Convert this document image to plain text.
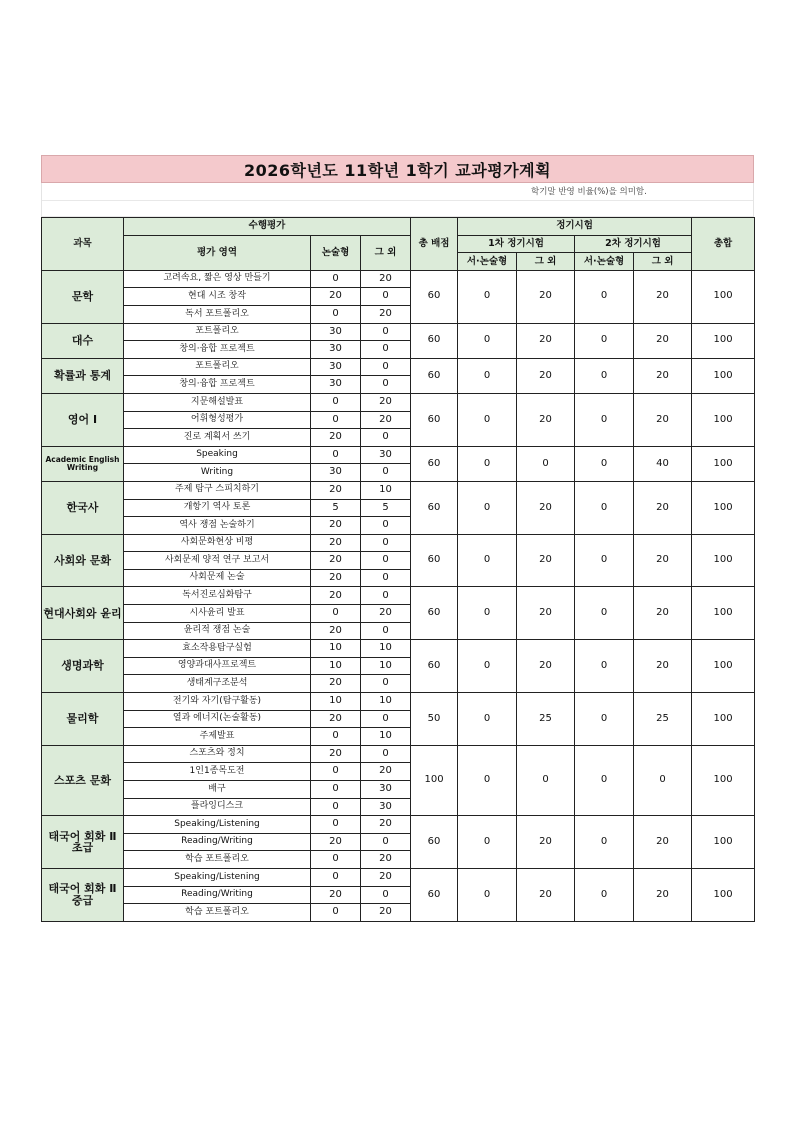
2026학년도 11학년 1학기 교과평가계획
학기말 반영 비율(%)을 의미함.
과목	수행평가			총 배점	정기시험				총합
	평가 영역	논술형	그 외		1차 정기시험		2차 정기시험		
					서·논술형	그 외	서·논술형	그 외	
문학	고려속요, 짧은 영상 만들기	0	20	60	0	20	0	20	100
	현대 시조 창작	20	0						
	독서 포트폴리오	0	20						
대수	포트폴리오	30	0	60	0	20	0	20	100
	창의·융합 프로젝트	30	0						
확률과 통계	포트폴리오	30	0	60	0	20	0	20	100
	창의·융합 프로젝트	30	0						
영어 Ⅰ	지문해설발표	0	20	60	0	20	0	20	100
	어휘형성평가	0	20						
	진로 계획서 쓰기	20	0						
Academic English Writing	Speaking	0	30	60	0	0	0	40	100
	Writing	30	0						
한국사	주제 탐구 스피치하기	20	10	60	0	20	0	20	100
	개항기 역사 토론	5	5						
	역사 쟁점 논술하기	20	0						
사회와 문화	사회문화현상 비평	20	0	60	0	20	0	20	100
	사회문제 양적 연구 보고서	20	0						
	사회문제 논술	20	0						
현대사회와 윤리	독서진로심화탐구	20	0	60	0	20	0	20	100
	시사윤리 발표	0	20						
	윤리적 쟁점 논술	20	0						
생명과학	효소작용탐구실험	10	10	60	0	20	0	20	100
	영양과대사프로젝트	10	10						
	생태계구조분석	20	0						
물리학	전기와 자기(탐구활동)	10	10	50	0	25	0	25	100
	열과 에너지(논술활동)	20	0						
	주제발표	0	10						
스포츠 문화	스포츠와 정치	20	0	100	0	0	0	0	100
	1인1종목도전	0	20						
	배구	0	30						
	플라잉디스크	0	30						
태국어 회화 Ⅱ 초급	Speaking/Listening	0	20	60	0	20	0	20	100
	Reading/Writing	20	0						
	학습 포트폴리오	0	20						
태국어 회화 Ⅱ 중급	Speaking/Listening	0	20	60	0	20	0	20	100
	Reading/Writing	20	0						
	학습 포트폴리오	0	20						
